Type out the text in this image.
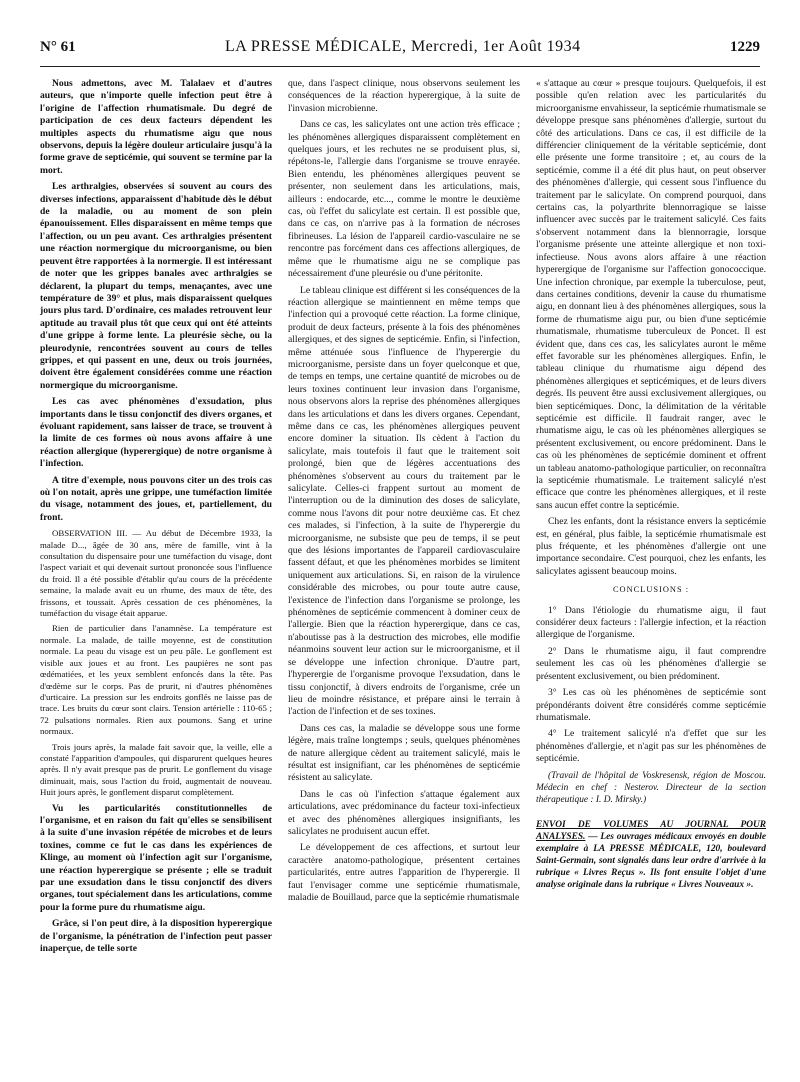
N° 61	LA PRESSE MÉDICALE, Mercredi, 1er Août 1934	1229

Nous admettons, avec M. Talalaev et d'autres auteurs, que n'importe quelle infection peut être à l'origine de l'affection rhumatismale. Du degré de participation de ces deux facteurs dépendent les multiples aspects du rhumatisme aigu que nous observons, depuis la légère douleur articulaire jusqu'à la forme grave de septicémie, qui souvent se termine par la mort.

Les arthralgies, observées si souvent au cours des diverses infections, apparaissent d'habitude dès le début de la maladie, ou au moment de son plein épanouissement. Elles disparaissent en même temps que l'affection, ou un peu avant. Ces arthralgies présentent une réaction normergique du microorganisme, ou bien peuvent être rapportées à la normergie. Il est intéressant de noter que les grippes banales avec arthralgies se déclarent, la plupart du temps, menaçantes, avec une température de 39° et plus, mais disparaissent quelques jours plus tard. D'ordinaire, ces malades retrouvent leur aptitude au travail plus tôt que ceux qui ont été atteints d'une grippe à forme lente. La pleurésie sèche, ou la pleurodynie, rencontrées souvent au cours de telles grippes, et qui passent en une, deux ou trois journées, doivent être également considérées comme une réaction normergique du microorganisme.

Les cas avec phénomènes d'exsudation, plus importants dans le tissu conjonctif des divers organes, et évoluant rapidement, sans laisser de trace, se trouvent à la limite de ces formes où nous avons affaire à une réaction allergique (hyperergique) de notre organisme à l'infection.

A titre d'exemple, nous pouvons citer un des trois cas où l'on notait, après une grippe, une tuméfaction limitée du visage, notamment des joues, et, partiellement, du front.

OBSERVATION III. — Au début de Décembre 1933, la malade D..., âgée de 30 ans, mère de famille, vint à la consultation du dispensaire pour une tuméfaction du visage, dont l'aspect variait et qui devenait surtout prononcée sous l'influence du froid. Il a été possible d'établir qu'au cours de la précédente semaine, la malade avait eu un rhume, des maux de tête, des frissons, et toussait. Après cessation de ces phénomènes, la tuméfaction du visage était apparue.

Rien de particulier dans l'anamnèse. La température est normale. La malade, de taille moyenne, est de constitution normale. La peau du visage est un peu pâle. Le gonflement est visible aux joues et au front. Les paupières ne sont pas œdématiées, et les yeux semblent enfoncés dans la tête. Pas d'œdème sur le corps. Pas de prurit, ni d'autres phénomènes d'urticaire. La pression sur les endroits gonflés ne laisse pas de trace. Les bruits du cœur sont clairs. Tension artérielle : 110-65 ; 72 pulsations normales. Rien aux poumons. Sang et urine normaux.

Trois jours après, la malade fait savoir que, la veille, elle a constaté l'apparition d'ampoules, qui disparurent quelques heures après. Il n'y avait presque pas de prurit. Le gonflement du visage diminuait, mais, sous l'action du froid, augmentait de nouveau. Huit jours après, le gonflement disparut complètement.

Vu les particularités constitutionnelles de l'organisme, et en raison du fait qu'elles se sensibilisent à la suite d'une invasion répétée de microbes et de leurs toxines, comme ce fut le cas dans les expériences de Klinge, au moment où l'infection agit sur l'organisme, une réaction hyperergique se présente ; elle se traduit par une exsudation dans le tissu conjonctif des divers organes, tout spécialement dans les articulations, comme pour la forme pure du rhumatisme aigu.

Grâce, si l'on peut dire, à la disposition hyperergique de l'organisme, la pénétration de l'infection peut passer inaperçue, de telle sorte

que, dans l'aspect clinique, nous observons seulement les conséquences de la réaction hyperergique, à la suite de l'invasion microbienne.

Dans ce cas, les salicylates ont une action très efficace ; les phénomènes allergiques disparaissent complètement en quelques jours, et les rechutes ne se produisent plus, si, répétons-le, l'allergie dans l'organisme se trouve enrayée. Bien entendu, les phénomènes allergiques peuvent se présenter, non seulement dans les articulations, mais, ailleurs : endocarde, etc..., comme le montre le deuxième cas, où l'effet du salicylate est certain. Il est possible que, dans ce cas, on n'arrive pas à la formation de nécroses fibrineuses. La lésion de l'appareil cardio-vasculaire ne se rencontre pas forcément dans ces affections allergiques, de même que le rhumatisme aigu ne se complique pas nécessairement d'une pleurésie ou d'une péritonite.

Le tableau clinique est différent si les conséquences de la réaction allergique se maintiennent en même temps que l'infection qui a provoqué cette réaction. La forme clinique, produit de deux facteurs, présente à la fois des phénomènes allergiques, et des signes de septicémie. Enfin, si l'infection, même atténuée sous l'influence de l'hyperergie du microorganisme, persiste dans un foyer quelconque et que, de temps en temps, une certaine quantité de microbes ou de leurs toxines continuent leur invasion dans l'organisme, nous observons alors la reprise des phénomènes allergiques dans les articulations et dans les divers organes. Cependant, même dans ce cas, les phénomènes allergiques peuvent encore dominer la situation. Ils cèdent à l'action du salicylate, mais toutefois il faut que le traitement soit prolongé, bien que de légères accentuations des phénomènes s'observent au cours du traitement par le salicylate. Celles-ci frappent surtout au moment de l'interruption ou de la diminution des doses de salicylate, comme nous l'avons dit pour notre deuxième cas. Et chez ces malades, si l'infection, à la suite de l'hyperergie du microorganisme, ne subsiste que peu de temps, il se peut que des lésions importantes de l'appareil cardiovasculaire fassent défaut, et que les phénomènes morbides se limitent uniquement aux articulations. Si, en raison de la virulence considérable des microbes, ou pour toute autre cause, l'existence de l'infection dans l'organisme se prolonge, les phénomènes de septicémie commencent à dominer ceux de l'allergie. Bien que la réaction hyperergique, dans ce cas, n'aboutisse pas à la destruction des microbes, elle modifie néanmoins souvent leur action sur le microorganisme, et il se développe une infection chronique. D'autre part, l'hyperergie de l'organisme provoque l'exsudation, dans le tissu conjonctif, à divers endroits de l'organisme, crée un lieu de moindre résistance, et prépare ainsi le terrain à l'action de l'infection et de ses toxines.

Dans ces cas, la maladie se développe sous une forme légère, mais traîne longtemps ; seuls, quelques phénomènes de nature allergique cèdent au traitement salicylé, mais le résultat est insignifiant, car les phénomènes de septicémie résistent au salicylate.

Dans le cas où l'infection s'attaque également aux articulations, avec prédominance du facteur toxi-infectieux et avec des phénomènes allergiques insignifiants, les salicylates ne produisent aucun effet.

Le développement de ces affections, et surtout leur caractère anatomo-pathologique, présentent certaines particularités, entre autres l'apparition de l'hyperergie. Il faut l'envisager comme une septicémie rhumatismale, maladie de Bouillaud, parce que la septicémie rhumatismale

« s'attaque au cœur » presque toujours. Quelquefois, il est possible qu'en relation avec les particularités du microorganisme envahisseur, la septicémie rhumatismale se développe presque sans phénomènes d'allergie, surtout du côté des articulations. Dans ce cas, il est difficile de la différencier cliniquement de la véritable septicémie, dont elle présente une forme transitoire ; et, au cours de la septicémie, comme il a été dit plus haut, on peut observer des phénomènes d'allergie, qui cessent sous l'influence du traitement par le salicylate. On comprend pourquoi, dans certains cas, la polyarthrite blennorragique se laisse influencer avec succès par le traitement salicylé. Ces faits s'observent notamment dans la blennorragie, lorsque l'organisme présente une atteinte allergique et non toxi-infectieuse. Nous avons alors affaire à une réaction hyperergique de l'organisme sur l'affection gonococcique. Une infection chronique, par exemple la tuberculose, peut, dans certaines conditions, devenir la cause du rhumatisme aigu, en donnant lieu à des phénomènes allergiques, sous la forme de rhumatisme aigu pur, ou bien d'une septicémie rhumatismale, rhumatisme tuberculeux de Poncet. Il est évident que, dans ces cas, les salicylates auront le même effet favorable sur les phénomènes allergiques. Enfin, le tableau clinique du rhumatisme aigu dépend des phénomènes allergiques et septicémiques, et de leurs divers degrés. Ils peuvent être aussi exclusivement allergiques, ou bien septicémiques. Donc, la délimitation de la véritable septicémie est difficile. Il faudrait ranger, avec le rhumatisme aigu, le cas où les phénomènes allergiques se présentent exclusivement, ou encore prédominent. Dans le cas où les phénomènes de septicémie dominent et offrent un tableau anatomo-pathologique particulier, on reconnaîtra la septicémie rhumatismale. Le traitement salicylé n'est efficace que contre les phénomènes allergiques, et il reste sans aucun effet contre la septicémie.

Chez les enfants, dont la résistance envers la septicémie est, en général, plus faible, la septicémie rhumatismale est plus fréquente, et les phénomènes d'allergie ont une importance secondaire. C'est pourquoi, chez les enfants, les salicylates agissent beaucoup moins.

CONCLUSIONS :

1° Dans l'étiologie du rhumatisme aigu, il faut considérer deux facteurs : l'allergie infection, et la réaction allergique de l'organisme.

2° Dans le rhumatisme aigu, il faut comprendre seulement les cas où les phénomènes d'allergie se présentent exclusivement, ou bien prédominent.

3° Les cas où les phénomènes de septicémie sont prépondérants doivent être considérés comme septicémie rhumatismale.

4° Le traitement salicylé n'a d'effet que sur les phénomènes d'allergie, et n'agit pas sur les phénomènes de septicémie.

(Travail de l'hôpital de Voskresensk, région de Moscou. Médecin en chef : Nesterov. Directeur de la section thérapeutique : I. D. Mirsky.)

ENVOI DE VOLUMES AU JOURNAL POUR ANALYSES. — Les ouvrages médicaux envoyés en double exemplaire à LA PRESSE MÉDICALE, 120, boulevard Saint-Germain, sont signalés dans leur ordre d'arrivée à la rubrique « Livres Reçus ». Ils font ensuite l'objet d'une analyse originale dans la rubrique « Livres Nouveaux ».
